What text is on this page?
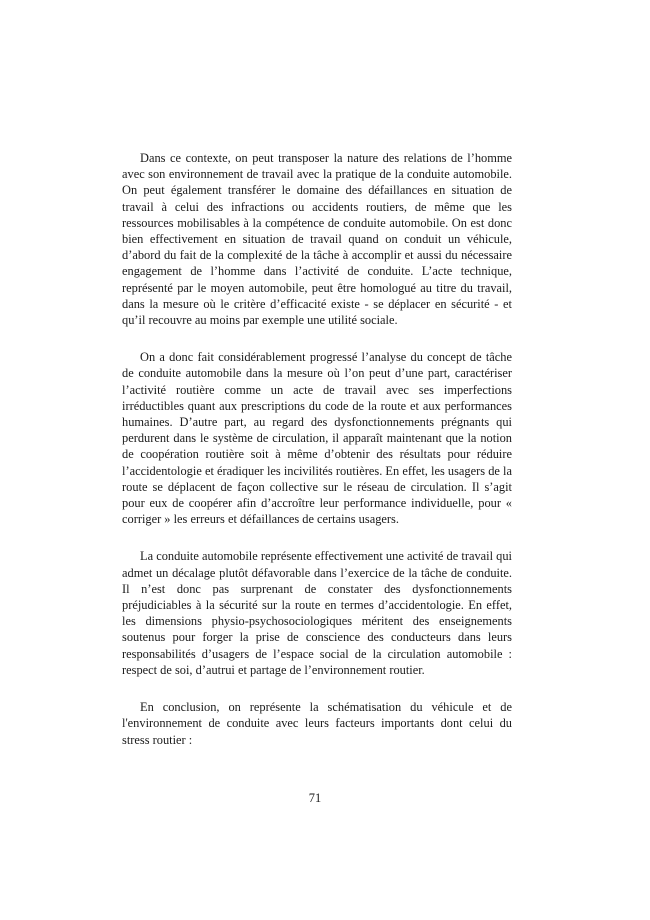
Dans ce contexte, on peut transposer la nature des relations de l’homme avec son environnement de travail avec la pratique de la conduite automobile. On peut également transférer le domaine des défaillances en situation de travail à celui des infractions ou accidents routiers, de même que les ressources mobilisables à la compétence de conduite automobile. On est donc bien effectivement en situation de travail quand on conduit un véhicule, d’abord du fait de la complexité de la tâche à accomplir et aussi du nécessaire engagement de l’homme dans l’activité de conduite. L’acte technique, représenté par le moyen automobile, peut être homologué au titre du travail, dans la mesure où le critère d’efficacité existe - se déplacer en sécurité - et qu’il recouvre au moins par exemple une utilité sociale.

On a donc fait considérablement progressé l’analyse du concept de tâche de conduite automobile dans la mesure où l’on peut d’une part, caractériser l’activité routière comme un acte de travail avec ses imperfections irréductibles quant aux prescriptions du code de la route et aux performances humaines. D’autre part, au regard des dysfonctionnements prégnants qui perdurent dans le système de circulation, il apparaît maintenant que la notion de coopération routière soit à même d’obtenir des résultats pour réduire l’accidentologie et éradiquer les incivilités routières. En effet, les usagers de la route se déplacent de façon collective sur le réseau de circulation. Il s’agit pour eux de coopérer afin d’accroître leur performance individuelle, pour « corriger » les erreurs et défaillances de certains usagers.

La conduite automobile représente effectivement une activité de travail qui admet un décalage plutôt défavorable dans l’exercice de la tâche de conduite. Il n’est donc pas surprenant de constater des dysfonctionnements préjudiciables à la sécurité sur la route en termes d’accidentologie. En effet, les dimensions physio-psychosociologiques méritent des enseignements soutenus pour forger la prise de conscience des conducteurs dans leurs responsabilités d’usagers de l’espace social de la circulation automobile : respect de soi, d’autrui et partage de l’environnement routier.

En conclusion, on représente la schématisation du véhicule et de l'environnement de conduite avec leurs facteurs importants dont celui du stress routier :

71
